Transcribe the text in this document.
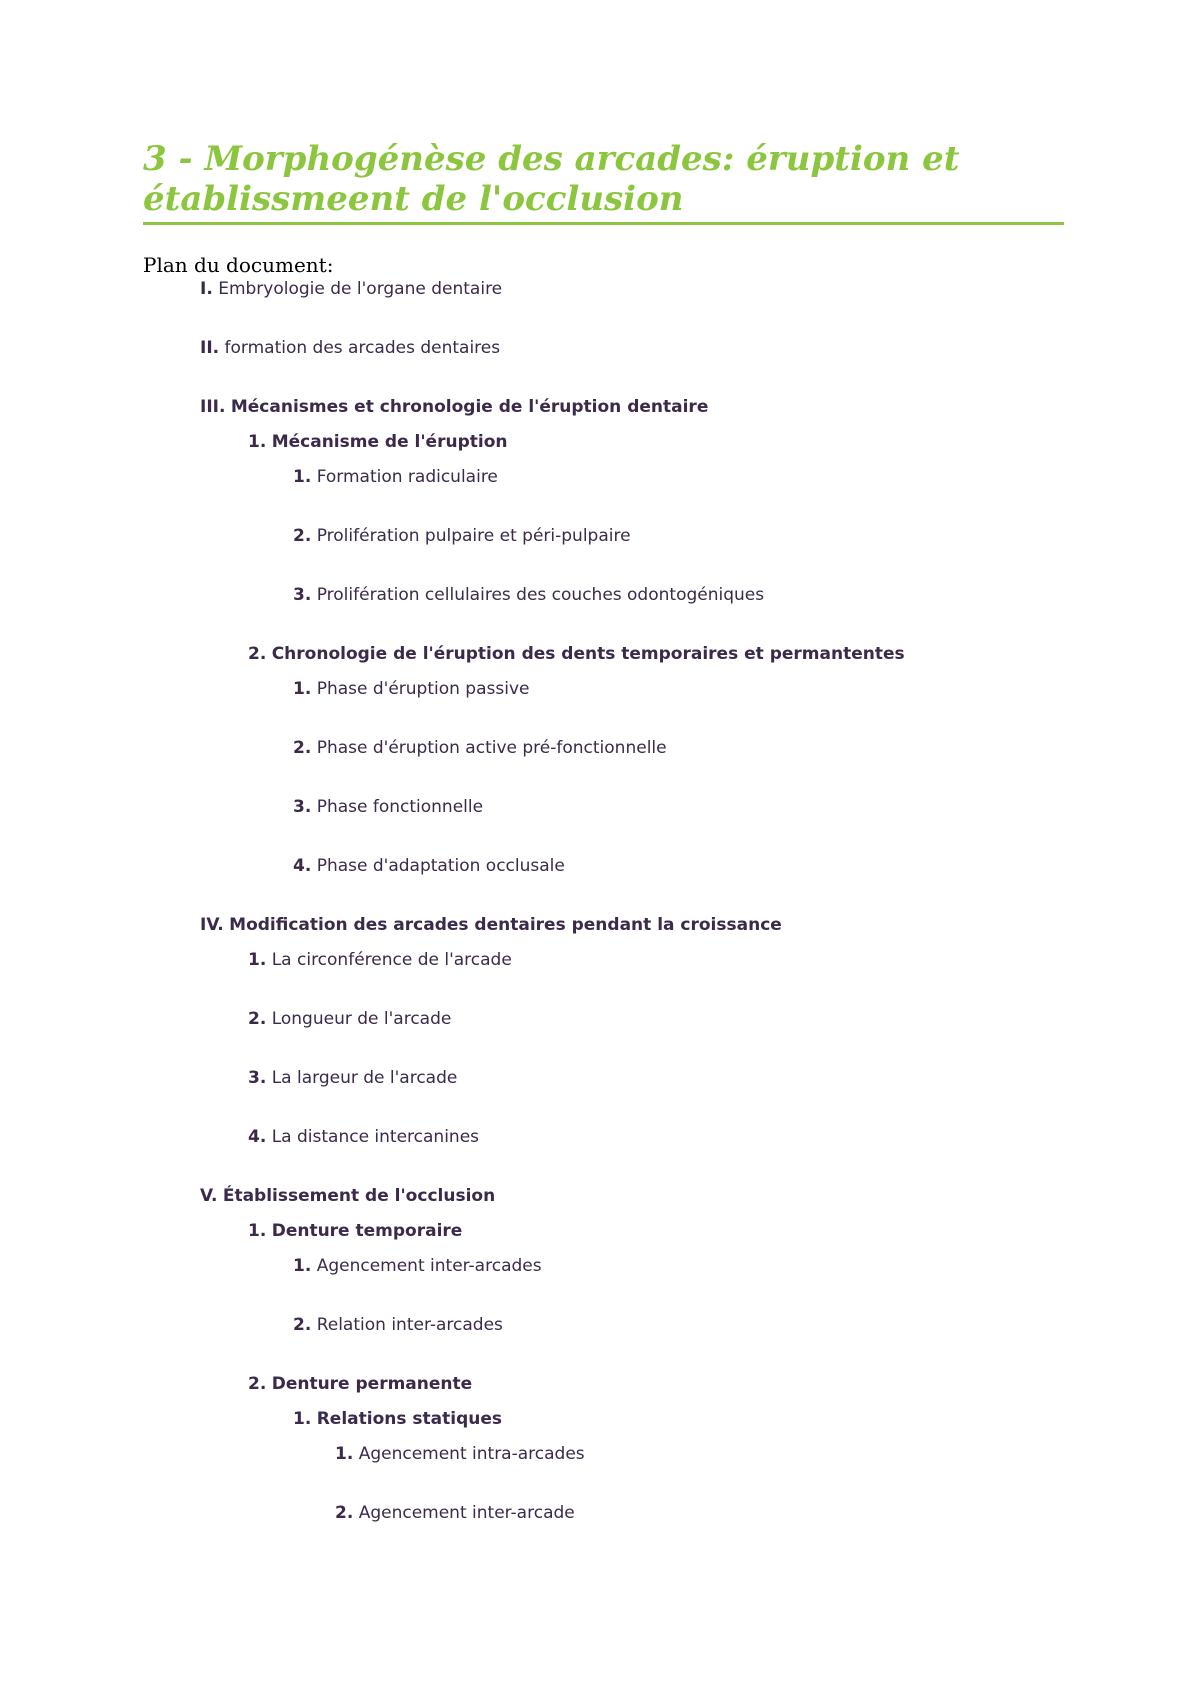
3 - Morphogénèse des arcades: éruption et établissmeent de l'occlusion
Plan du document:
I. Embryologie de l'organe dentaire
II. formation des arcades dentaires
III. Mécanismes et chronologie de l'éruption dentaire
1. Mécanisme de l'éruption
1. Formation radiculaire
2. Prolifération pulpaire et péri-pulpaire
3. Prolifération cellulaires des couches odontogéniques
2. Chronologie de l'éruption des dents temporaires et permantentes
1. Phase d'éruption passive
2. Phase d'éruption active pré-fonctionnelle
3. Phase fonctionnelle
4. Phase d'adaptation occlusale
IV. Modification des arcades dentaires pendant la croissance
1. La circonférence de l'arcade
2. Longueur de l'arcade
3. La largeur de l'arcade
4. La distance intercanines
V. Établissement de l'occlusion
1. Denture temporaire
1. Agencement inter-arcades
2. Relation inter-arcades
2. Denture permanente
1. Relations statiques
1. Agencement intra-arcades
2. Agencement inter-arcade
